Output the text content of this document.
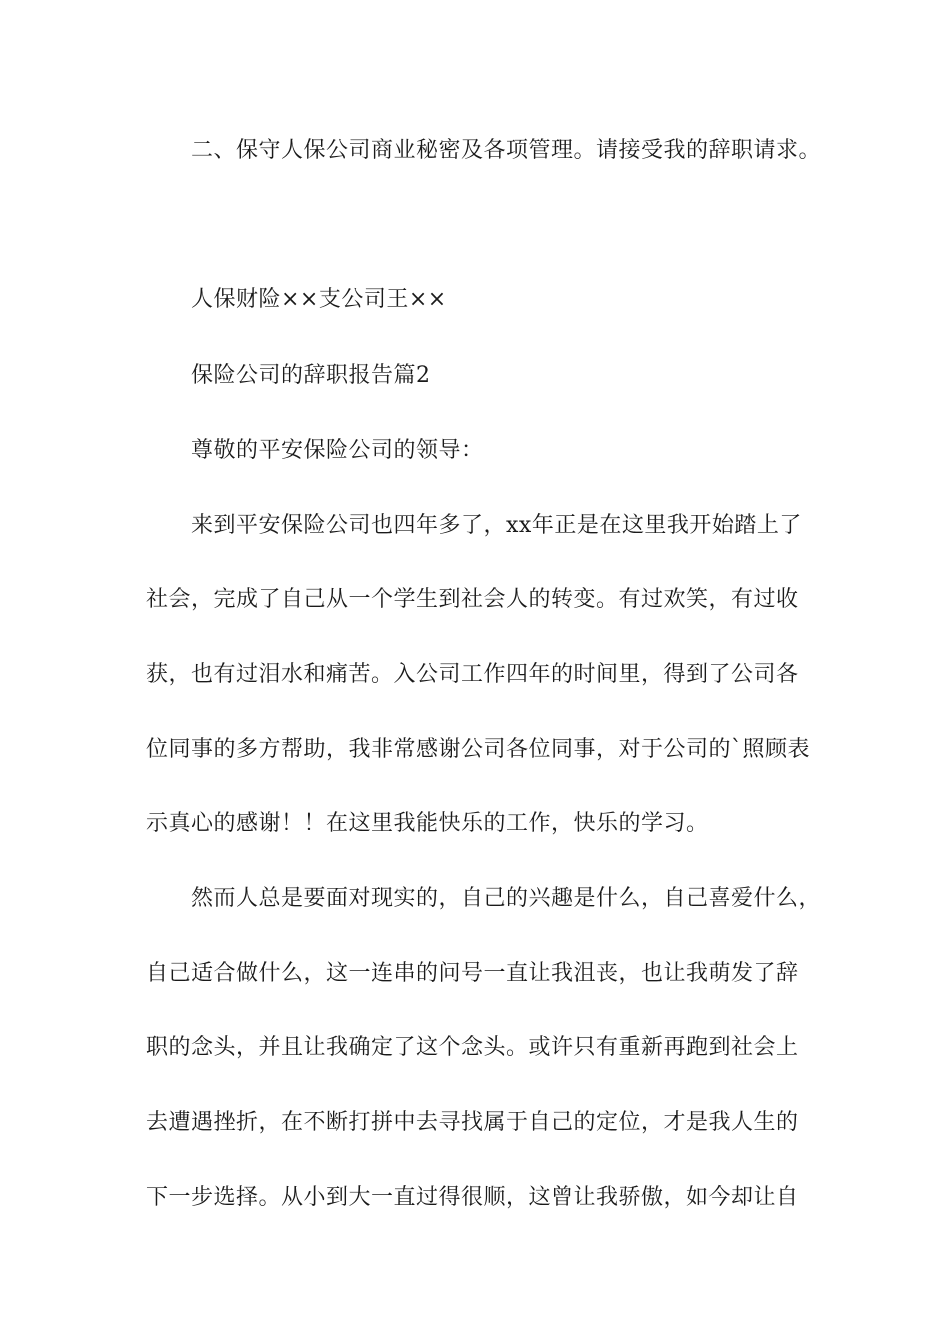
二、保守人保公司商业秘密及各项管理。请接受我的辞职请求。
人保财险××支公司王××
保险公司的辞职报告篇2
尊敬的平安保险公司的领导：
来到平安保险公司也四年多了，xx年正是在这里我开始踏上了
社会，完成了自己从一个学生到社会人的转变。有过欢笑，有过收
获，也有过泪水和痛苦。入公司工作四年的时间里，得到了公司各
位同事的多方帮助，我非常感谢公司各位同事，对于公司的`照顾表
示真心的感谢！！在这里我能快乐的工作，快乐的学习。
然而人总是要面对现实的，自己的兴趣是什么，自己喜爱什么，
自己适合做什么，这一连串的问号一直让我沮丧，也让我萌发了辞
职的念头，并且让我确定了这个念头。或许只有重新再跑到社会上
去遭遇挫折，在不断打拼中去寻找属于自己的定位，才是我人生的
下一步选择。从小到大一直过得很顺，这曾让我骄傲，如今却让自
